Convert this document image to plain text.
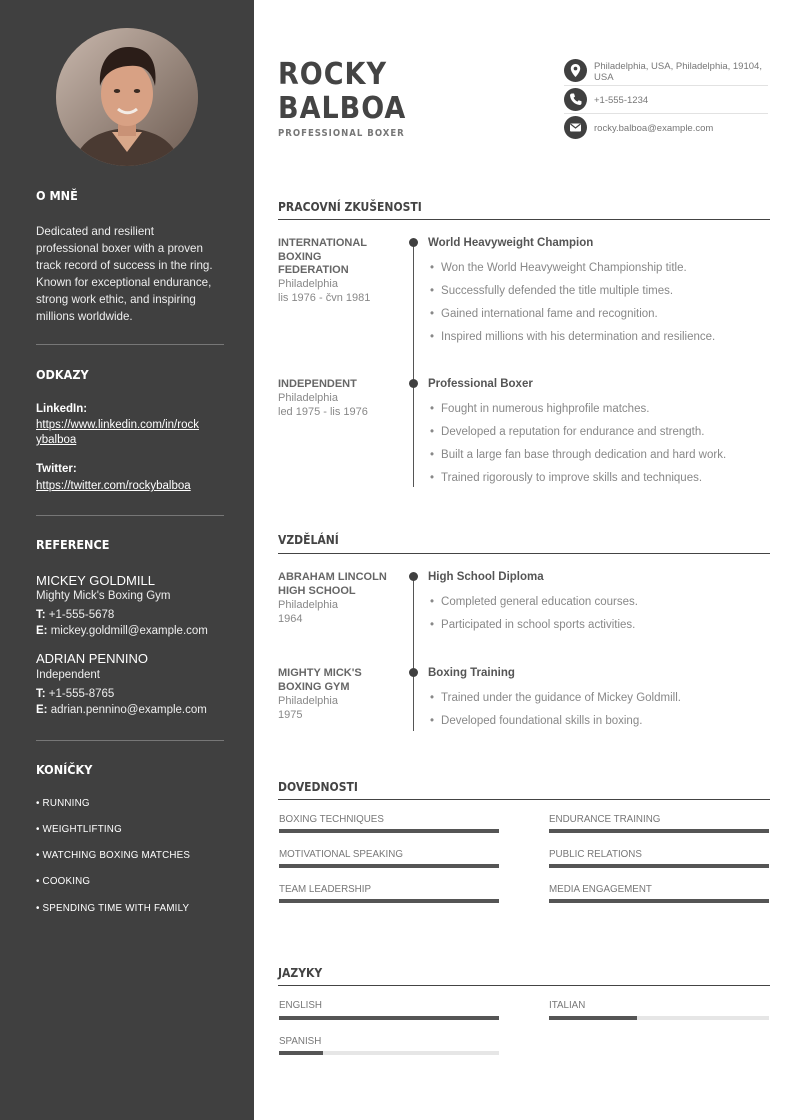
O MNĚ
Dedicated and resilient
professional boxer with a proven
track record of success in the ring.
Known for exceptional endurance,
strong work ethic, and inspiring
millions worldwide.
ODKAZY
LinkedIn:
https://www.linkedin.com/in/rock
ybalboa
Twitter:
https://twitter.com/rockybalboa
REFERENCE
MICKEY GOLDMILL
Mighty Mick's Boxing Gym
T: +1-555-5678
E: mickey.goldmill@example.com
ADRIAN PENNINO
Independent
T: +1-555-8765
E: adrian.pennino@example.com
KONÍČKY
• RUNNING
• WEIGHTLIFTING
• WATCHING BOXING MATCHES
• COOKING
• SPENDING TIME WITH FAMILY
ROCKY
BALBOA
PROFESSIONAL BOXER
Philadelphia, USA, Philadelphia, 19104,
USA
+1-555-1234
rocky.balboa@example.com
PRACOVNÍ ZKUŠENOSTI
INTERNATIONAL
BOXING
FEDERATION
Philadelphia
lis 1976 - čvn 1981
World Heavyweight Champion
• Won the World Heavyweight Championship title.
• Successfully defended the title multiple times.
• Gained international fame and recognition.
• Inspired millions with his determination and resilience.
INDEPENDENT
Philadelphia
led 1975 - lis 1976
Professional Boxer
• Fought in numerous highprofile matches.
• Developed a reputation for endurance and strength.
• Built a large fan base through dedication and hard work.
• Trained rigorously to improve skills and techniques.
VZDĚLÁNÍ
ABRAHAM LINCOLN
HIGH SCHOOL
Philadelphia
1964
High School Diploma
• Completed general education courses.
• Participated in school sports activities.
MIGHTY MICK'S
BOXING GYM
Philadelphia
1975
Boxing Training
• Trained under the guidance of Mickey Goldmill.
• Developed foundational skills in boxing.
DOVEDNOSTI
BOXING TECHNIQUES	ENDURANCE TRAINING
MOTIVATIONAL SPEAKING	PUBLIC RELATIONS
TEAM LEADERSHIP	MEDIA ENGAGEMENT
JAZYKY
ENGLISH	ITALIAN
SPANISH
